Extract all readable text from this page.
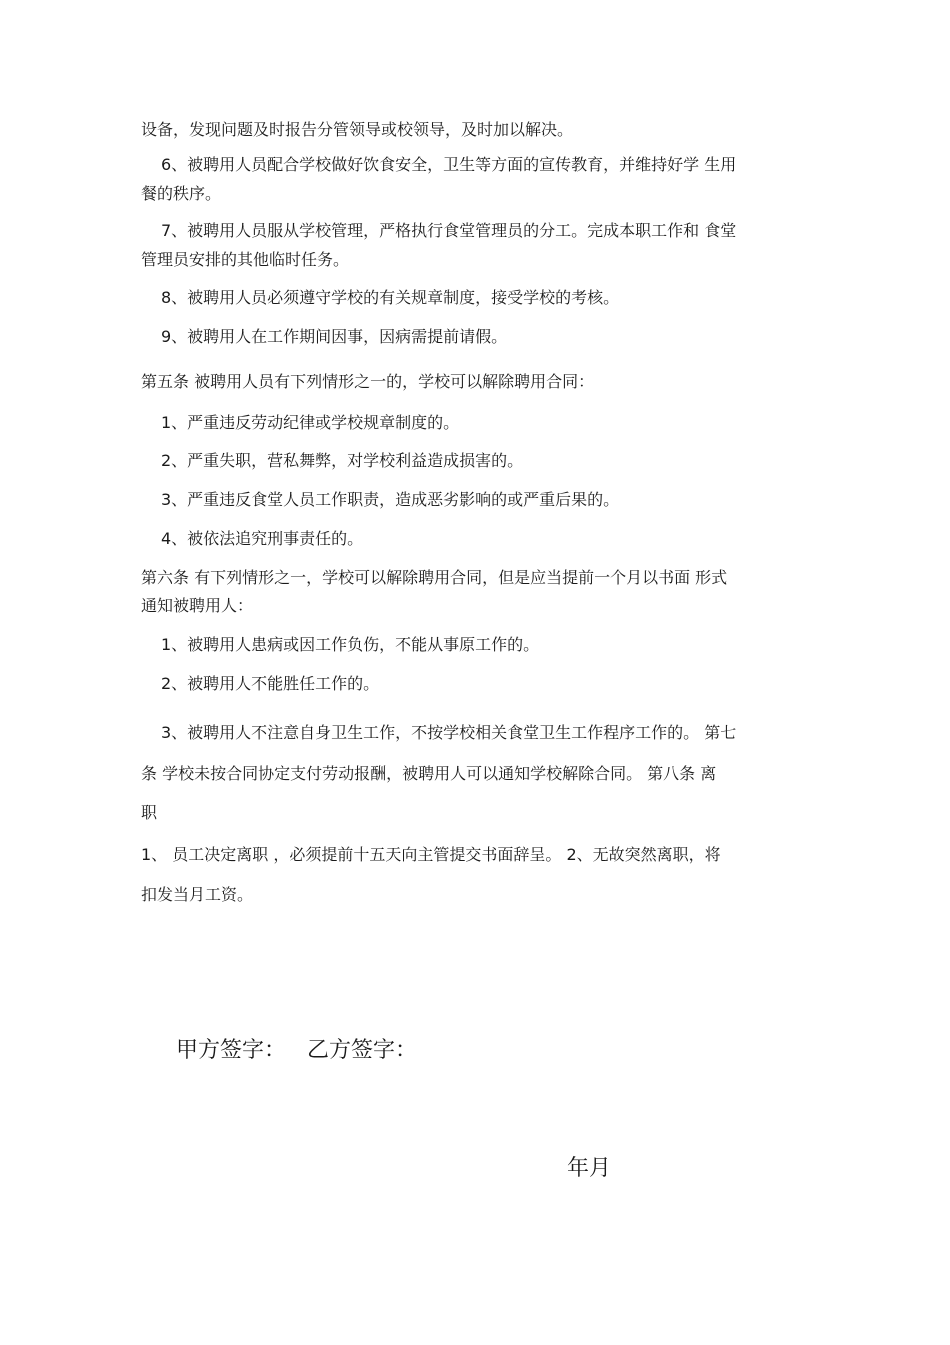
设备，发现问题及时报告分管领导或校领导，及时加以解决。
6、被聘用人员配合学校做好饮食安全，卫生等方面的宣传教育，并维持好学 生用
餐的秩序。
7、被聘用人员服从学校管理，严格执行食堂管理员的分工。完成本职工作和 食堂
管理员安排的其他临时任务。
8、被聘用人员必须遵守学校的有关规章制度，接受学校的考核。
9、被聘用人在工作期间因事，因病需提前请假。
第五条 被聘用人员有下列情形之一的，学校可以解除聘用合同：
1、严重违反劳动纪律或学校规章制度的。
2、严重失职，营私舞弊，对学校利益造成损害的。
3、严重违反食堂人员工作职责，造成恶劣影响的或严重后果的。
4、被依法追究刑事责任的。
第六条 有下列情形之一，学校可以解除聘用合同，但是应当提前一个月以书面 形式
通知被聘用人：
1、被聘用人患病或因工作负伤，不能从事原工作的。
2、被聘用人不能胜任工作的。
3、被聘用人不注意自身卫生工作，不按学校相关食堂卫生工作程序工作的。 第七
条 学校未按合同协定支付劳动报酬，被聘用人可以通知学校解除合同。 第八条 离
职
1、 员工决定离职 ，必须提前十五天向主管提交书面辞呈。 2、无故突然离职，将
扣发当月工资。
甲方签字： 乙方签字：
年月
